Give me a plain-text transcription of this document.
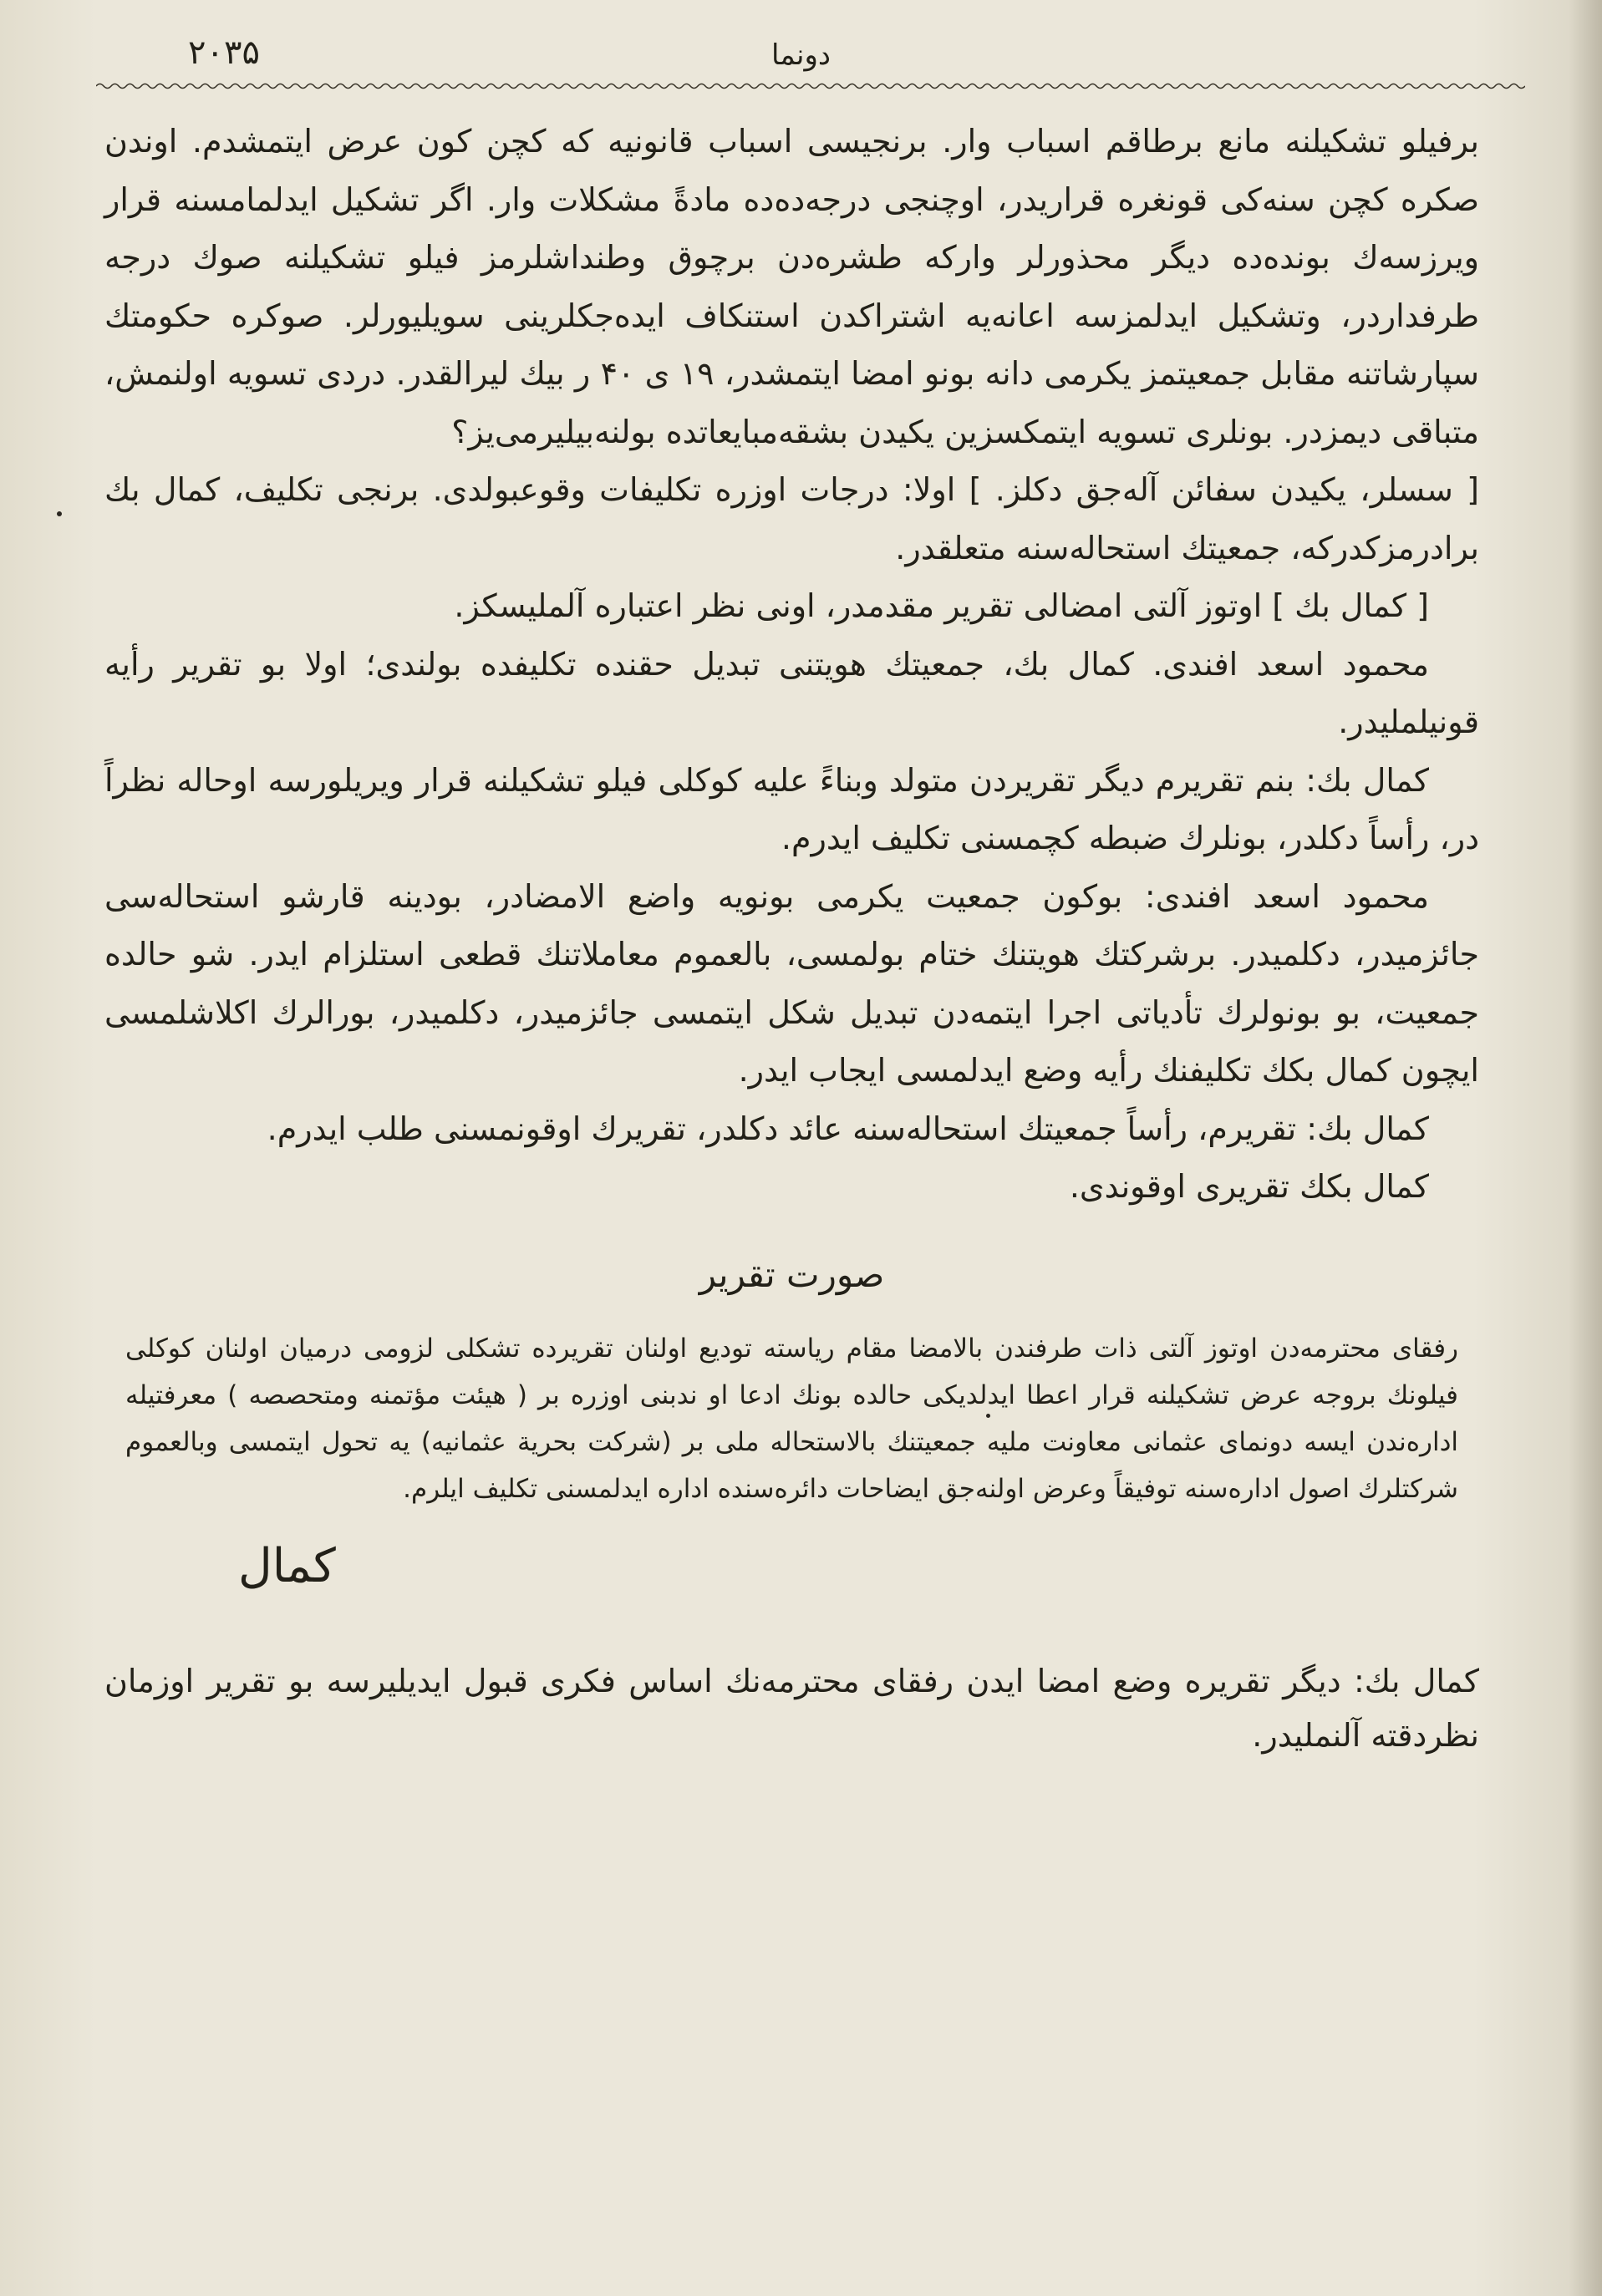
۲۰۳۵	دونما

برفيلو تشكيلنه مانع برطاقم اسباب وار. برنجيسى اسباب قانونيه كه كچن كون عرض ايتمشدم. اوندن صكره كچن سنه‌كى قونغره قراريدر، اوچنجى درجه‌ده‌ده مادةً مشكلات وار. اگر تشكيل ايدلمامسنه قرار ويرزسه‌ك بونده‌ده ديگر محذورلر واركه طشره‌دن برچوق وطنداشلرمز فيلو تشكيلنه صوك درجه طرفداردر، وتشكيل ايدلمزسه اعانه‌يه اشتراكدن استنكاف ايده‌جكلرينى سويليورلر. صوكره حكومتك سپارشاتنه مقابل جمعيتمز يكرمى دانه بونو امضا ايتمشدر، ۱۹ ى ۴۰ ر بيك ليرالقدر. دردى تسويه اولنمش، متباقى ديمزدر. بونلرى تسويه ايتمكسزين يكيدن بشقه‌مبايعاتده بولنه‌بيليرمى‌يز؟

[ سسلر، يكيدن سفائن آله‌جق دكلز. ] اولا: درجات اوزره تكليفات وقوعبولدى. برنجى تكليف، كمال بك برادرمزكدركه، جمعيتك استحاله‌سنه متعلقدر.

[ كمال بك ] اوتوز آلتى امضالى تقرير مقدمدر، اونى نظر اعتباره آلمليسكز.

محمود اسعد افندى. كمال بك، جمعيتك هويتنى تبديل حقنده تكليفده بولندى؛ اولا بو تقرير رأيه قونيلمليدر.

كمال بك: بنم تقريرم ديگر تقريردن متولد وبناءً عليه كوكلى فيلو تشكيلنه قرار ويريلورسه اوحاله نظراً در، رأساً دكلدر، بونلرك ضبطه كچمسنى تكليف ايدرم.

محمود اسعد افندى: بوكون جمعيت يكرمى بونويه واضع الامضادر، بودينه قارشو استحاله‌سى جائزميدر، دكلميدر. برشركتك هويتنك ختام بولمسى، بالعموم معاملاتنك قطعى استلزام ايدر. شو حالده جمعيت، بو بونولرك تأدياتى اجرا ايتمه‌دن تبديل شكل ايتمسى جائزميدر، دكلميدر، بورالرك اكلاشلمسى ايچون كمال بكك تكليفنك رأيه وضع ايدلمسى ايجاب ايدر.

كمال بك: تقريرم، رأساً جمعيتك استحاله‌سنه عائد دكلدر، تقريرك اوقونمسنى طلب ايدرم.

كمال بكك تقريرى اوقوندى.

صورت تقرير

رفقاى محترمه‌دن اوتوز آلتى ذات طرفندن بالامضا مقام رياسته توديع اولنان تقريرده تشكلى لزومى درميان اولنان كوكلى فيلونك بروجه عرض تشكيلنه قرار اعطا ايدلديكى حالده بونك ادعا او ندبنى اوزره بر ( هيئت مؤتمنه ومتحصصه ) معرفتيله اداره‌ندن ايسه دونماى عثمانى معاونت مليه جمعيتنك بالاستحاله ملى بر (شركت بحرية عثمانيه) يه تحول ايتمسى وبالعموم شركتلرك اصول اداره‌سنه توفيقاً وعرض اولنه‌جق ايضاحات دائره‌سنده اداره ايدلمسنى تكليف ايلرم.

كمال

كمال بك: ديگر تقريره وضع امضا ايدن رفقاى محترمه‌نك اساس فكرى قبول ايديليرسه بو تقرير اوزمان نظردقته آلنمليدر.
